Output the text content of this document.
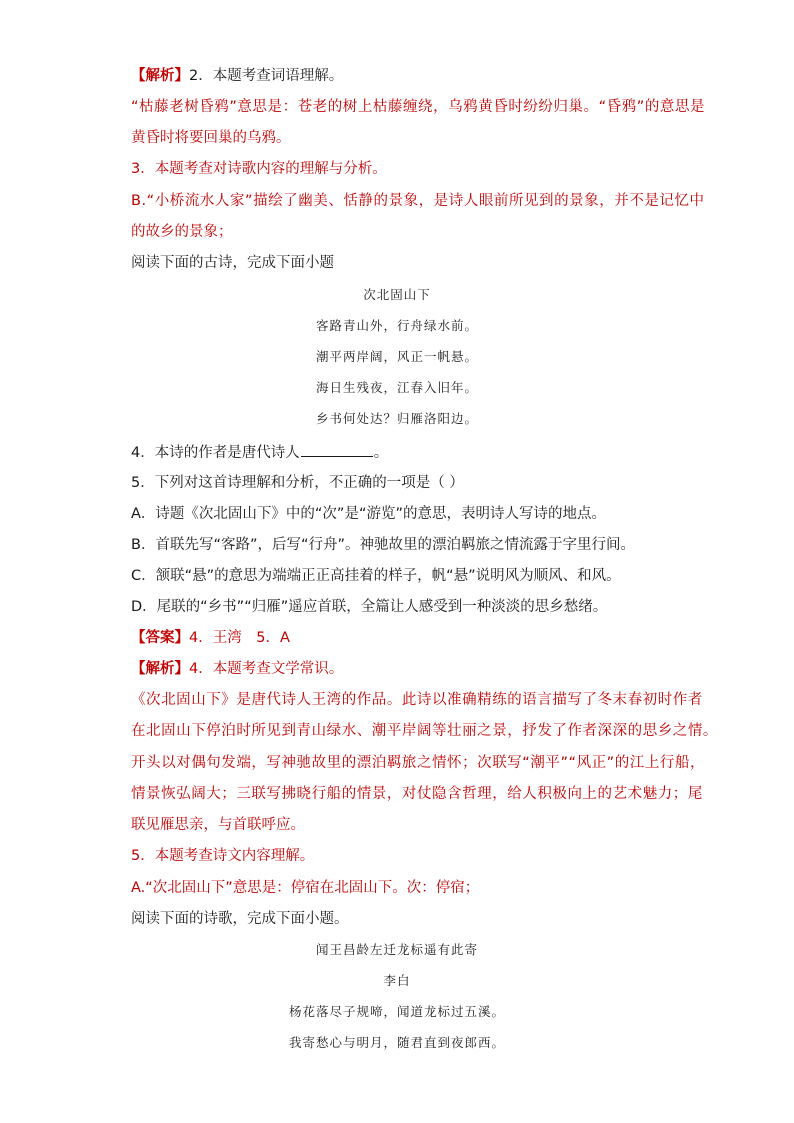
【解析】2．本题考查词语理解。
“枯藤老树昏鸦”意思是：苍老的树上枯藤缠绕，乌鸦黄昏时纷纷归巢。“昏鸦”的意思是
黄昏时将要回巢的乌鸦。
3．本题考查对诗歌内容的理解与分析。
B.“小桥流水人家”描绘了幽美、恬静的景象，是诗人眼前所见到的景象，并不是记忆中
的故乡的景象；
阅读下面的古诗，完成下面小题
次北固山下
客路青山外，行舟绿水前。
潮平两岸阔，风正一帆悬。
海日生残夜，江春入旧年。
乡书何处达？归雁洛阳边。
4．本诗的作者是唐代诗人	。
5．下列对这首诗理解和分析，不正确的一项是（ ）
A．诗题《次北固山下》中的“次”是“游览”的意思，表明诗人写诗的地点。
B．首联先写“客路”，后写“行舟”。神驰故里的漂泊羁旅之情流露于字里行间。
C．颔联“悬”的意思为端端正正高挂着的样子，帆“悬”说明风为顺风、和风。
D．尾联的“乡书”“归雁”遥应首联，全篇让人感受到一种淡淡的思乡愁绪。
【答案】4．王湾　5．A
【解析】4．本题考查文学常识。
《次北固山下》是唐代诗人王湾的作品。此诗以准确精练的语言描写了冬末春初时作者
在北固山下停泊时所见到青山绿水、潮平岸阔等壮丽之景，抒发了作者深深的思乡之情。
开头以对偶句发端，写神驰故里的漂泊羁旅之情怀；次联写“潮平”“风正”的江上行船，
情景恢弘阔大；三联写拂晓行船的情景，对仗隐含哲理，给人积极向上的艺术魅力；尾
联见雁思亲，与首联呼应。
5．本题考查诗文内容理解。
A.“次北固山下”意思是：停宿在北固山下。次：停宿；
阅读下面的诗歌，完成下面小题。
闻王昌龄左迁龙标遥有此寄
李白
杨花落尽子规啼，闻道龙标过五溪。
我寄愁心与明月，随君直到夜郎西。
